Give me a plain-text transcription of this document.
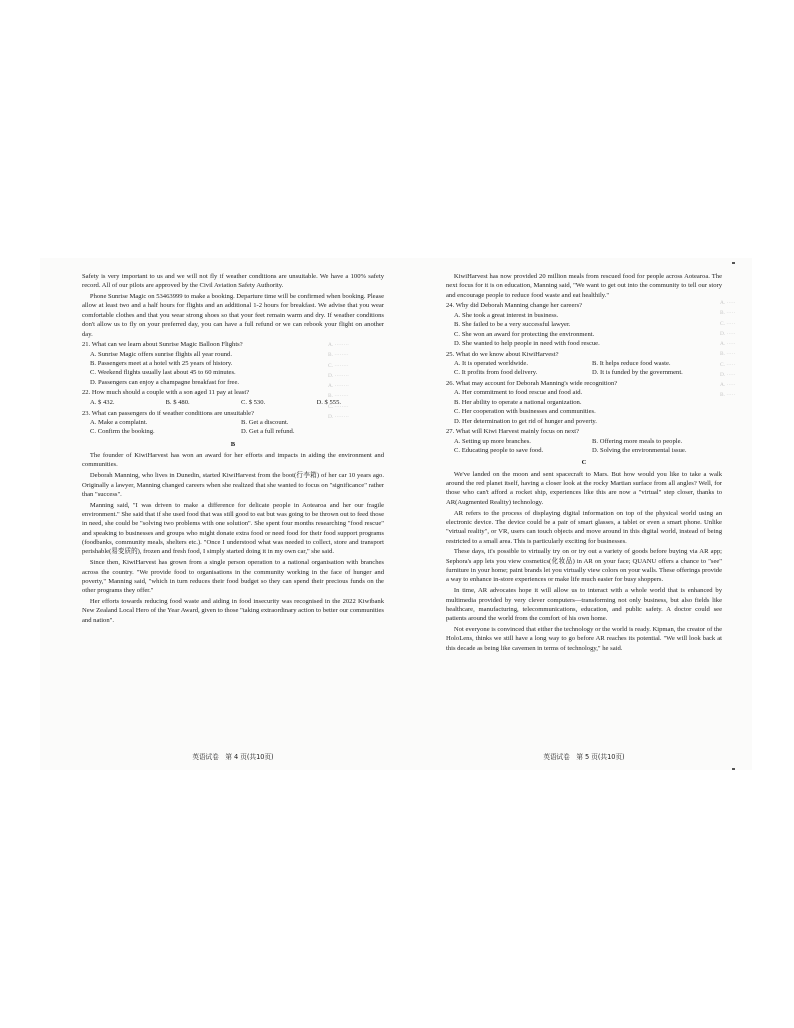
A. ········
B. ········
C. ········
D. ········
A. ········
B. ········
C. ········
D. ········
A. ·····
B. ·····
C. ·····
D. ·····
A. ·····
B. ·····
C. ·····
D. ·····
A. ·····
B. ·····

Safety is very important to us and we will not fly if weather conditions are unsuitable. We have a 100% safety record. All of our pilots are approved by the Civil Aviation Safety Authority.

Phone Sunrise Magic on 53463999 to make a booking. Departure time will be confirmed when booking. Please allow at least two and a half hours for flights and an additional 1-2 hours for breakfast. We advise that you wear comfortable clothes and that you wear strong shoes so that your feet remain warm and dry. If weather conditions don't allow us to fly on your preferred day, you can have a full refund or we can rebook your flight on another day.

21. What can we learn about Sunrise Magic Balloon Flights?
A. Sunrise Magic offers sunrise flights all year round.
B. Passengers meet at a hotel with 25 years of history.
C. Weekend flights usually last about 45 to 60 minutes.
D. Passengers can enjoy a champagne breakfast for free.
22. How much should a couple with a son aged 11 pay at least?
A. $ 432.	B. $ 480.	C. $ 530.	D. $ 555.
23. What can passengers do if weather conditions are unsuitable?
A. Make a complaint.	B. Get a discount.
C. Confirm the booking.	D. Get a full refund.
B

The founder of KiwiHarvest has won an award for her efforts and impacts in aiding the environment and communities.

Deborah Manning, who lives in Dunedin, started KiwiHarvest from the boot(行李箱) of her car 10 years ago. Originally a lawyer, Manning changed careers when she realized that she wanted to focus on "significance" rather than "success".

Manning said, "I was driven to make a difference for delicate people in Aotearoa and her our fragile environment." She said that if she used food that was still good to eat but was going to be thrown out to feed those in need, she could be "solving two problems with one solution". She spent four months researching "food rescue" and speaking to businesses and groups who might donate extra food or need food for their food support programs (foodbanks, community meals, shelters etc.). "Once I understood what was needed to collect, store and transport perishable(易变质的), frozen and fresh food, I simply started doing it in my own car," she said.

Since then, KiwiHarvest has grown from a single person operation to a national organisation with branches across the country. "We provide food to organisations in the community working in the face of hunger and poverty," Manning said, "which in turn reduces their food budget so they can spend their precious funds on the other programs they offer."

Her efforts towards reducing food waste and aiding in food insecurity was recognised in the 2022 Kiwibank New Zealand Local Hero of the Year Award, given to those "taking extraordinary action to better our communities and nation".

英语试卷　第 4 页(共10页)

KiwiHarvest has now provided 20 million meals from rescued food for people across Aotearoa. The next focus for it is on education, Manning said, "We want to get out into the community to tell our story and encourage people to reduce food waste and eat healthily."

24. Why did Deborah Manning change her careers?
A. She took a great interest in business.
B. She failed to be a very successful lawyer.
C. She won an award for protecting the environment.
D. She wanted to help people in need with food rescue.
25. What do we know about KiwiHarvest?
A. It is operated worldwide.	B. It helps reduce food waste.
C. It profits from food delivery.	D. It is funded by the government.
26. What may account for Deborah Manning's wide recognition?
A. Her commitment to food rescue and food aid.
B. Her ability to operate a national organization.
C. Her cooperation with businesses and communities.
D. Her determination to get rid of hunger and poverty.
27. What will Kiwi Harvest mainly focus on next?
A. Setting up more branches.	B. Offering more meals to people.
C. Educating people to save food.	D. Solving the environmental issue.
C

We've landed on the moon and sent spacecraft to Mars. But how would you like to take a walk around the red planet itself, having a closer look at the rocky Martian surface from all angles? Well, for those who can't afford a rocket ship, experiences like this are now a "virtual" step closer, thanks to AR(Augmented Reality) technology.

AR refers to the process of displaying digital information on top of the physical world using an electronic device. The device could be a pair of smart glasses, a tablet or even a smart phone. Unlike "virtual reality", or VR, users can touch objects and move around in this digital world, instead of being restricted to a small area. This is particularly exciting for businesses.

These days, it's possible to virtually try on or try out a variety of goods before buying via AR app; Sephora's app lets you view cosmetics(化妆品) in AR on your face; QUANU offers a chance to "see" furniture in your home; paint brands let you virtually view colors on your walls. These offerings provide a way to enhance in-store experiences or make life much easier for busy shoppers.

In time, AR advocates hope it will allow us to interact with a whole world that is enhanced by multimedia provided by very clever computers—transforming not only business, but also fields like healthcare, manufacturing, telecommunications, education, and public safety. A doctor could see patients around the world from the comfort of his own home.

Not everyone is convinced that either the technology or the world is ready. Kipman, the creator of the HoloLens, thinks we still have a long way to go before AR reaches its potential. "We will look back at this decade as being like cavemen in terms of technology," he said.

英语试卷　第 5 页(共10页)
